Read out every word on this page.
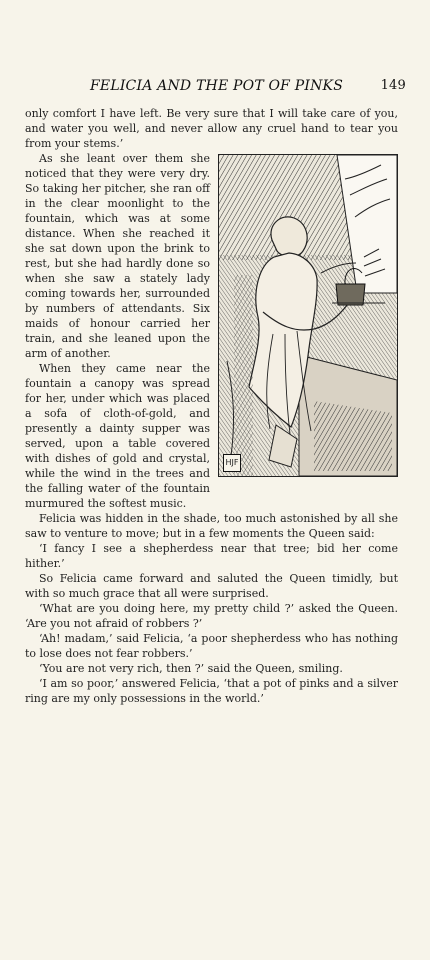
FELICIA AND THE POT OF PINKS	149

only comfort I have left. Be very sure that I will take care of you, and water you well, and never allow any cruel hand to tear you from your stems.’

HJF

As she leant over them she noticed that they were very dry. So taking her pitcher, she ran off in the clear moonlight to the fountain, which was at some distance. When she reached it she sat down upon the brink to rest, but she had hardly done so when she saw a stately lady coming towards her, surrounded by numbers of attendants. Six maids of honour carried her train, and she leaned upon the arm of another.

When they came near the fountain a canopy was spread for her, under which was placed a sofa of cloth-of-gold, and presently a dainty supper was served, upon a table covered with dishes of gold and crystal, while the wind in the trees and the falling water of the fountain murmured the softest music.

Felicia was hidden in the shade, too much astonished by all she saw to venture to move; but in a few moments the Queen said:

‘I fancy I see a shepherdess near that tree; bid her come hither.’

So Felicia came forward and saluted the Queen timidly, but with so much grace that all were surprised.

‘What are you doing here, my pretty child ?’ asked the Queen. ‘Are you not afraid of robbers ?’

‘Ah! madam,’ said Felicia, ‘a poor shepherdess who has nothing to lose does not fear robbers.’

‘You are not very rich, then ?’ said the Queen, smiling.

‘I am so poor,’ answered Felicia, ‘that a pot of pinks and a silver ring are my only possessions in the world.’
